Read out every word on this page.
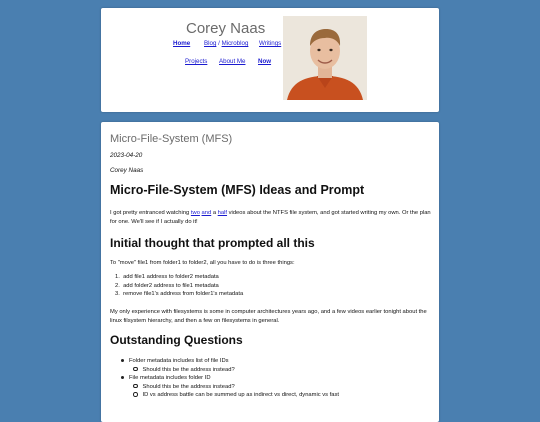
Corey Naas
Home Blog / Microblog Writings
Projects About Me Now
Micro-File-System (MFS)
2023-04-20
Corey Naas
Micro-File-System (MFS) Ideas and Prompt
I got pretty entranced watching two and a half videos about the NTFS file system, and got started writing my own. Or the plan for one. We'll see if I actually do it!
Initial thought that prompted all this
To "move" file1 from folder1 to folder2, all you have to do is three things:
1.  add file1 address to folder2 metadata
2.  add folder2 address to file1 metadata
3.  remove file1's address from folder1's metadata
My only experience with filesystems is some in computer architectures years ago, and a few videos earlier tonight about the linux filsystem hierarchy, and then a few on filesystems in general.
Outstanding Questions
Folder metadata includes list of file IDs
Should this be the address instead?
File metadata includes folder ID
Should this be the address instead?
ID vs address battle can be summed up as indirect vs direct, dynamic vs fast
